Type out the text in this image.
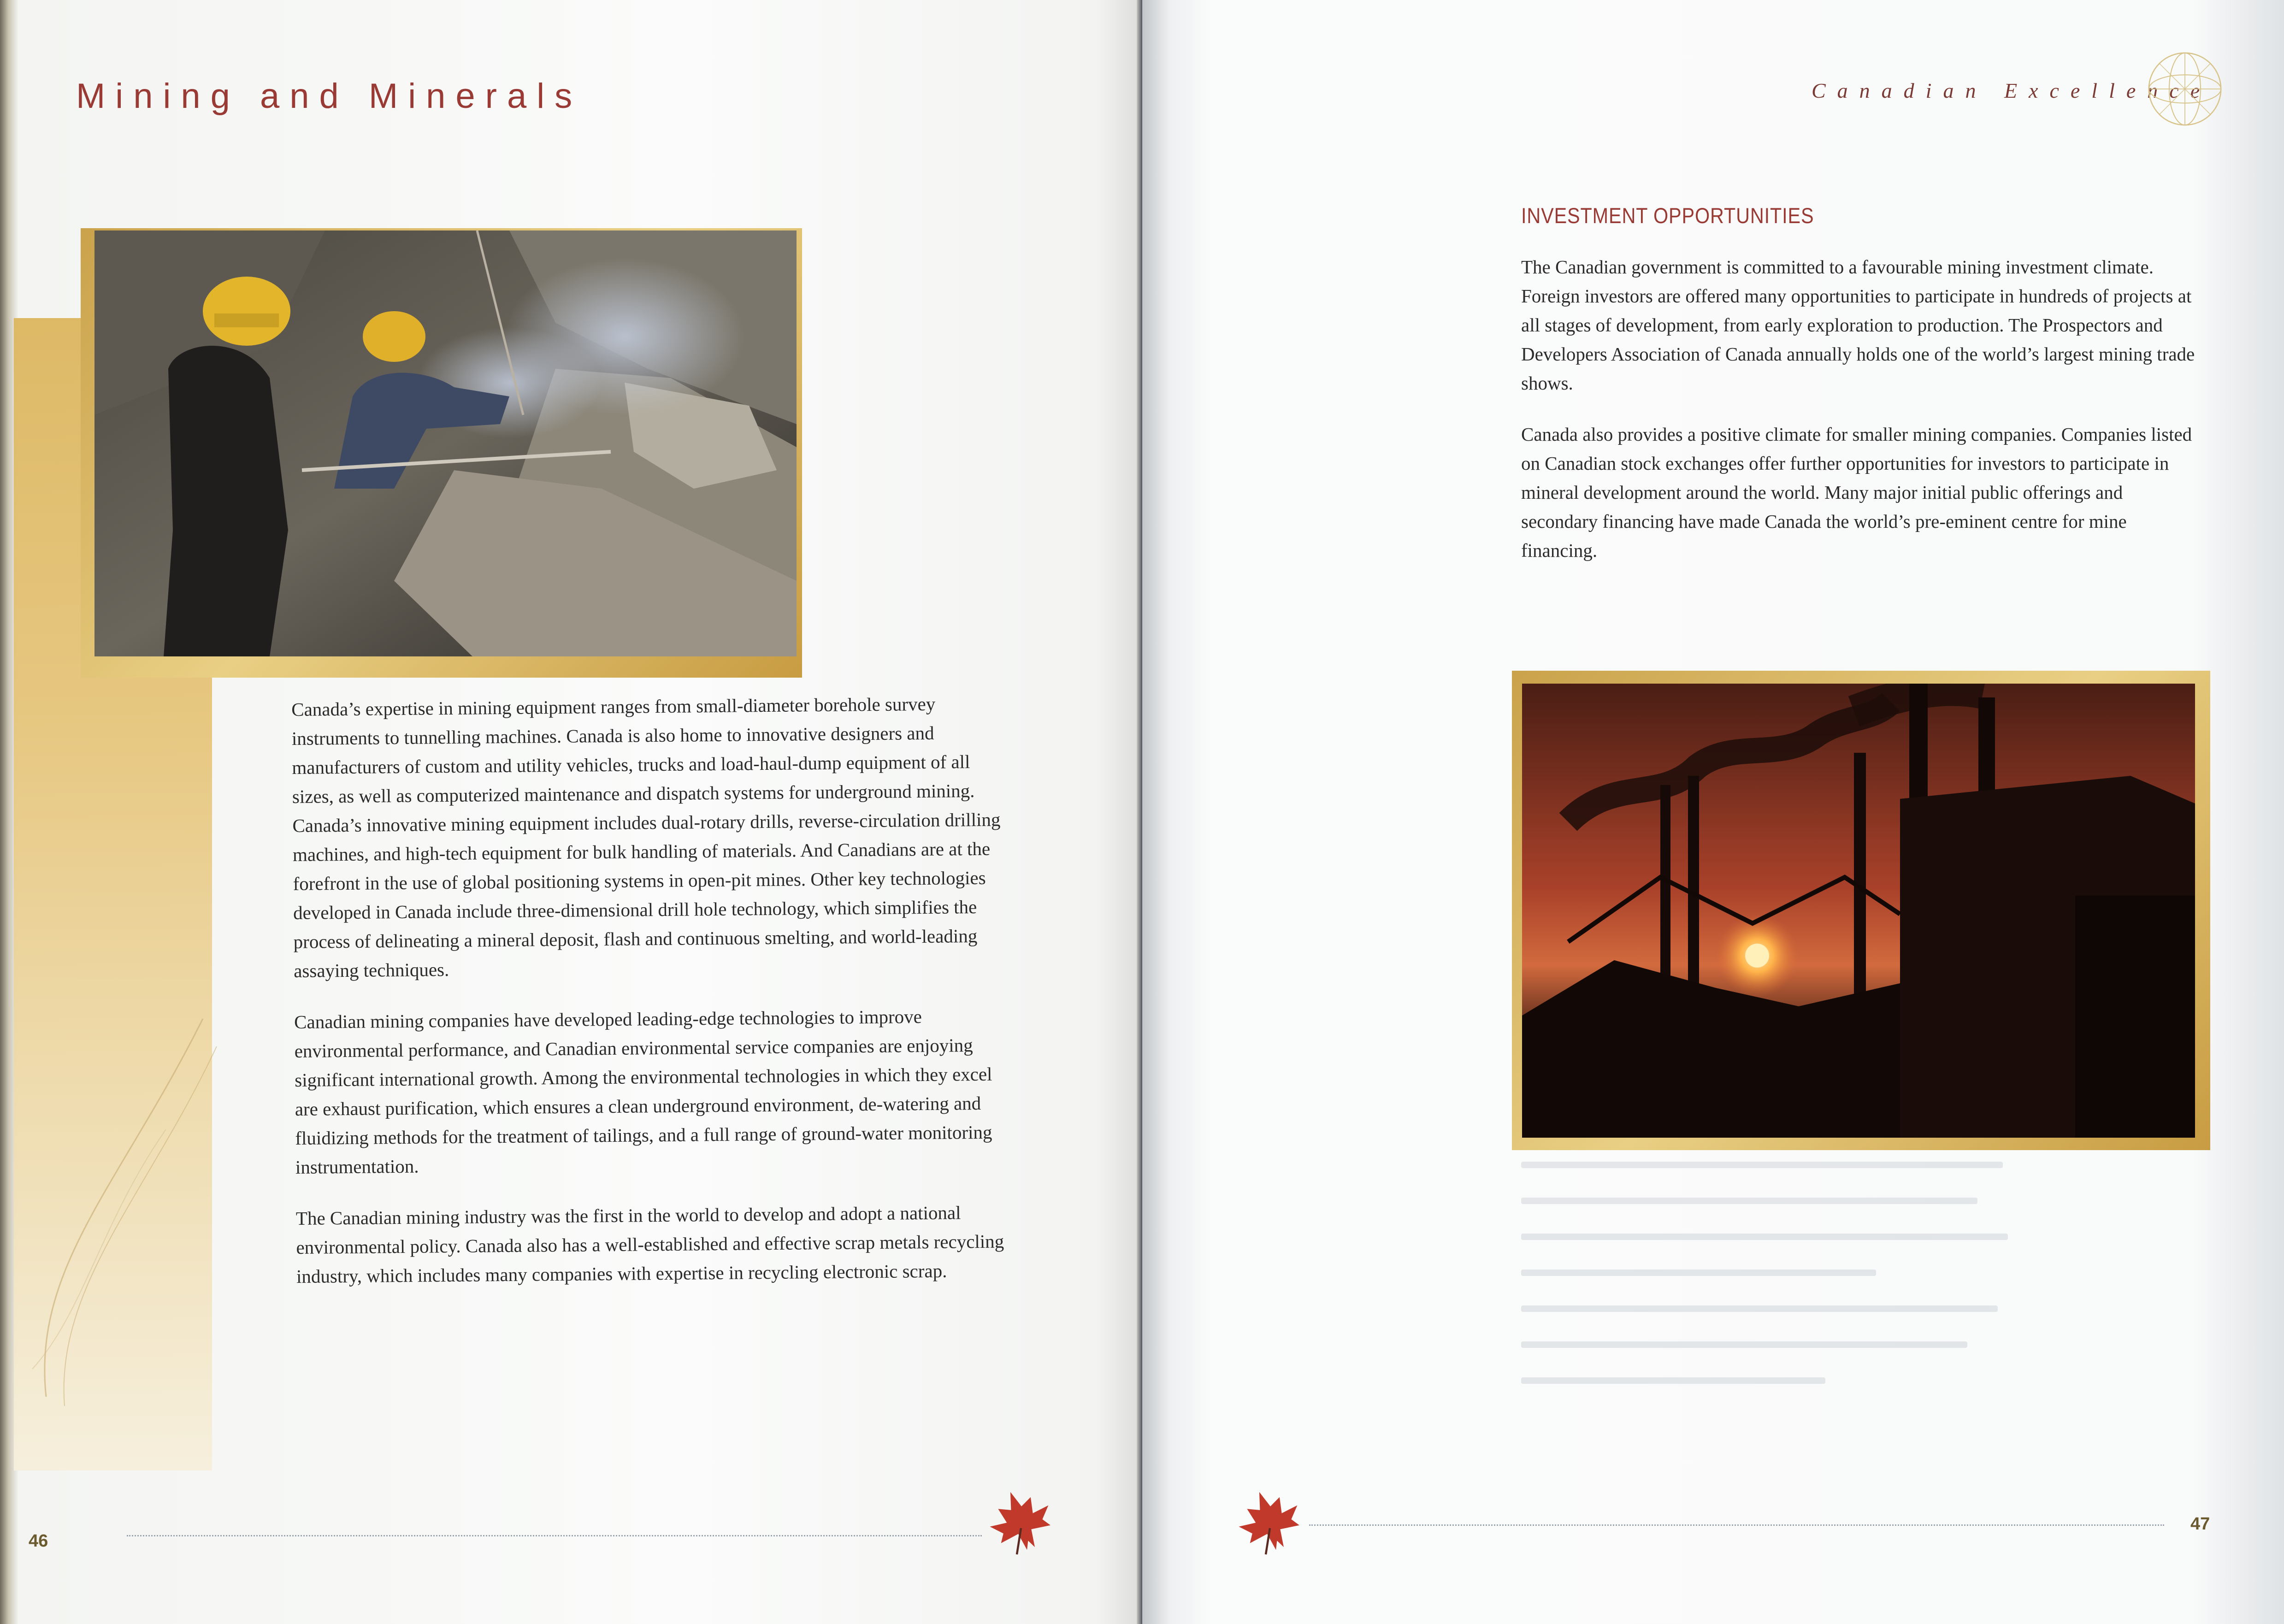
Mining and Minerals

Canada’s expertise in mining equipment ranges from small-diameter borehole survey instruments to tunnelling machines. Canada is also home to innovative designers and manufacturers of custom and utility vehicles, trucks and load-haul-dump equipment of all sizes, as well as computerized maintenance and dispatch systems for underground mining. Canada’s innovative mining equipment includes dual-rotary drills, reverse-circulation drilling machines, and high-tech equipment for bulk handling of materials. And Canadians are at the forefront in the use of global positioning systems in open-pit mines. Other key technologies developed in Canada include three-dimensional drill hole technology, which simplifies the process of delineating a mineral deposit, flash and continuous smelting, and world-leading assaying techniques.

Canadian mining companies have developed leading-edge technologies to improve environmental performance, and Canadian environmental service companies are enjoying significant international growth. Among the environmental technologies in which they excel are exhaust purification, which ensures a clean underground environment, de-watering and fluidizing methods for the treatment of tailings, and a full range of ground-water monitoring instrumentation.

The Canadian mining industry was the first in the world to develop and adopt a national environmental policy. Canada also has a well-established and effective scrap metals recycling industry, which includes many companies with expertise in recycling electronic scrap.

46

Canadian Excellence
INVESTMENT OPPORTUNITIES

The Canadian government is committed to a favourable mining investment climate. Foreign investors are offered many opportunities to participate in hundreds of projects at all stages of development, from early exploration to production. The Prospectors and Developers Association of Canada annually holds one of the world’s largest mining trade shows.

Canada also provides a positive climate for smaller mining companies. Companies listed on Canadian stock exchanges offer further opportunities for investors to participate in mineral development around the world. Many major initial public offerings and secondary financing have made Canada the world’s pre-eminent centre for mine financing.

47
